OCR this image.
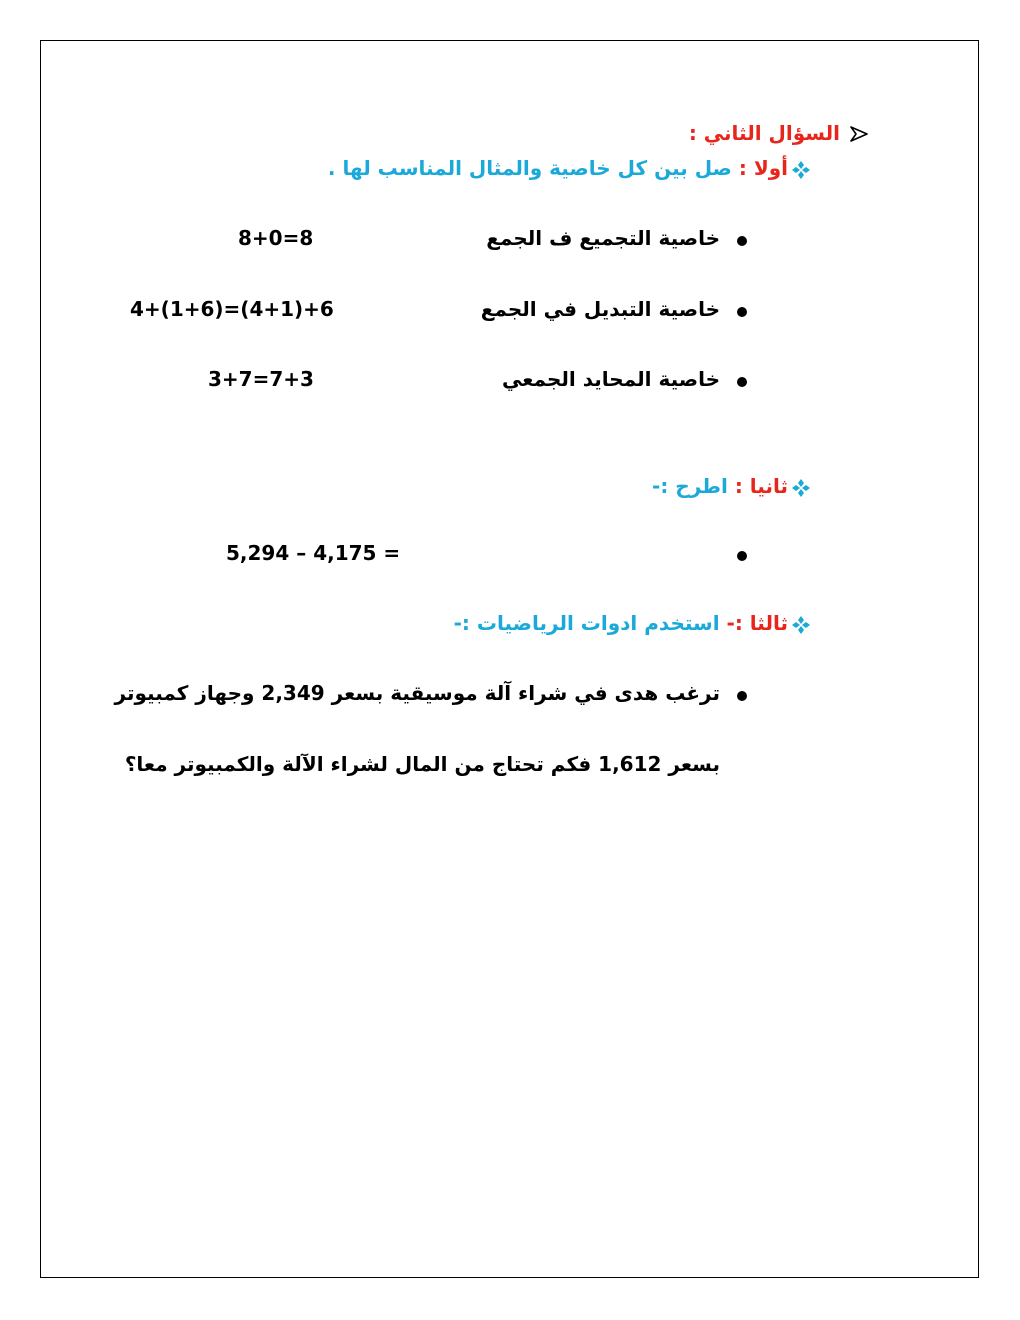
السؤال الثاني :
أولا : صل بين كل خاصية والمثال المناسب لها .
خاصية التجميع ف الجمع
8+0=8
خاصية التبديل في الجمع
4+(1+6)=(4+1)+6
خاصية المحايد الجمعي
3+7=7+3
ثانيا : اطرح :-
5,294 – 4,175 =
ثالثا :- استخدم ادوات الرياضيات :-
ترغب هدى في شراء آلة موسيقية بسعر 2,349 وجهاز كمبيوتر
بسعر 1,612 فكم تحتاج من المال لشراء الآلة والكمبيوتر معا؟
